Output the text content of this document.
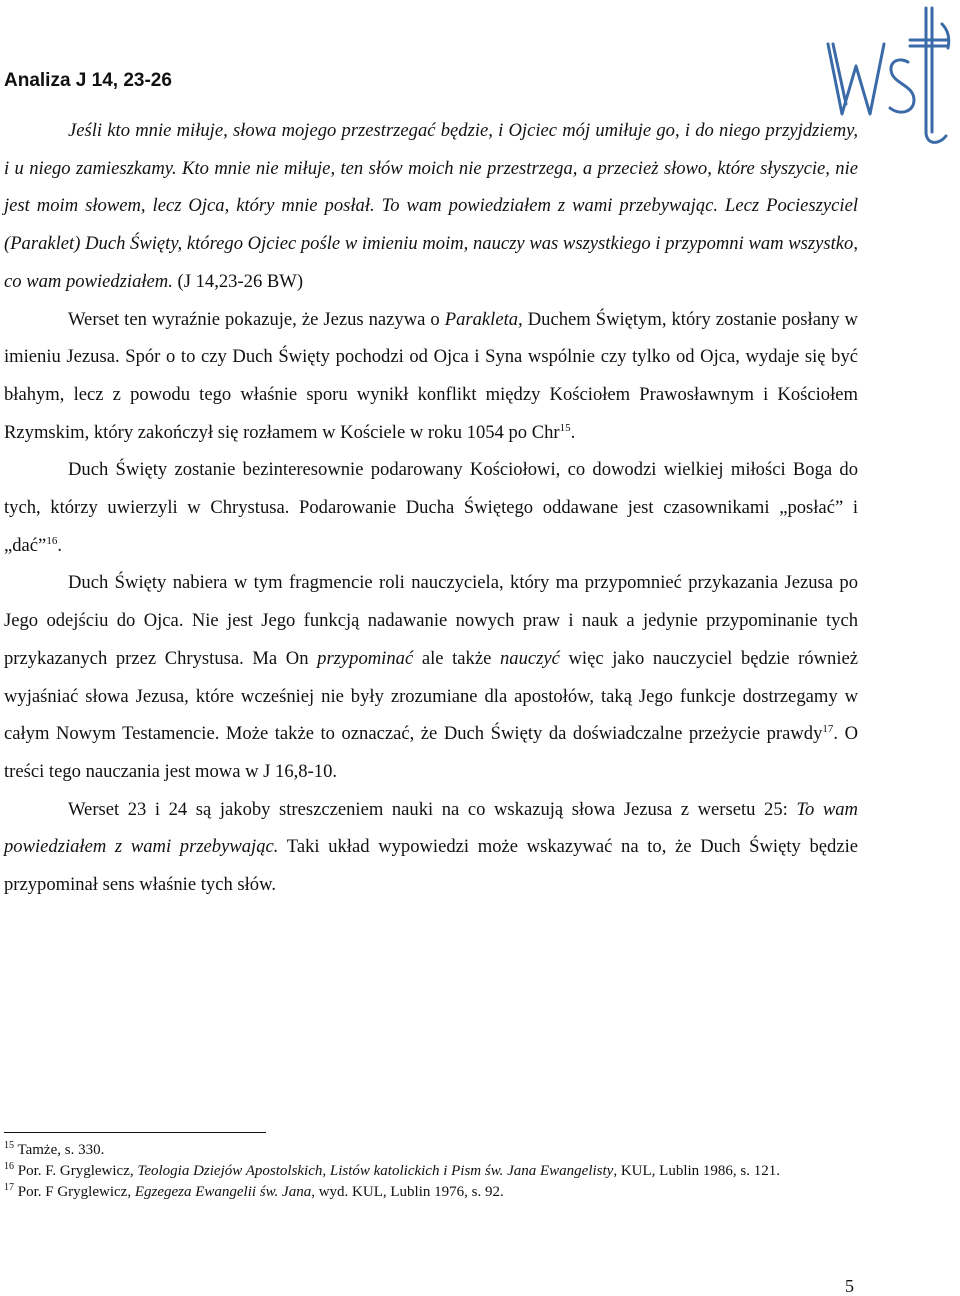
Analiza J 14, 23-26

Jeśli kto mnie miłuje, słowa mojego przestrzegać będzie, i Ojciec mój umiłuje go, i do niego przyjdziemy, i u niego zamieszkamy. Kto mnie nie miłuje, ten słów moich nie przestrzega, a przecież słowo, które słyszycie, nie jest moim słowem, lecz Ojca, który mnie posłał. To wam powiedziałem z wami przebywając. Lecz Pocieszyciel (Paraklet) Duch Święty, którego Ojciec pośle w imieniu moim, nauczy was wszystkiego i przypomni wam wszystko, co wam powiedziałem. (J 14,23-26 BW)

Werset ten wyraźnie pokazuje, że Jezus nazywa o Parakleta, Duchem Świętym, który zostanie posłany w imieniu Jezusa. Spór o to czy Duch Święty pochodzi od Ojca i Syna wspólnie czy tylko od Ojca, wydaje się być błahym, lecz z powodu tego właśnie sporu wynikł konflikt między Kościołem Prawosławnym i Kościołem Rzymskim, który zakończył się rozłamem w Kościele w roku 1054 po Chr$^{15}$.

Duch Święty zostanie bezinteresownie podarowany Kościołowi, co dowodzi wielkiej miłości Boga do tych, którzy uwierzyli w Chrystusa. Podarowanie Ducha Świętego oddawane jest czasownikami „posłać” i „dać”$^{16}$.

Duch Święty nabiera w tym fragmencie roli nauczyciela, który ma przypomnieć przykazania Jezusa po Jego odejściu do Ojca. Nie jest Jego funkcją nadawanie nowych praw i nauk a jedynie przypominanie tych przykazanych przez Chrystusa. Ma On przypominać ale także nauczyć więc jako nauczyciel będzie również wyjaśniać słowa Jezusa, które wcześniej nie były zrozumiane dla apostołów, taką Jego funkcje dostrzegamy w całym Nowym Testamencie. Może także to oznaczać, że Duch Święty da doświadczalne przeżycie prawdy$^{17}$. O treści tego nauczania jest mowa w J 16,8-10.

Werset 23 i 24 są jakoby streszczeniem nauki na co wskazują słowa Jezusa z wersetu 25: To wam powiedziałem z wami przebywając. Taki układ wypowiedzi może wskazywać na to, że Duch Święty będzie przypominał sens właśnie tych słów.

$^{15}$ Tamże, s. 330.
$^{16}$ Por. F. Gryglewicz, Teologia Dziejów Apostolskich, Listów katolickich i Pism św. Jana Ewangelisty, KUL, Lublin 1986, s. 121.
$^{17}$ Por. F Gryglewicz, Egzegeza Ewangelii św. Jana, wyd. KUL, Lublin 1976, s. 92.
5
